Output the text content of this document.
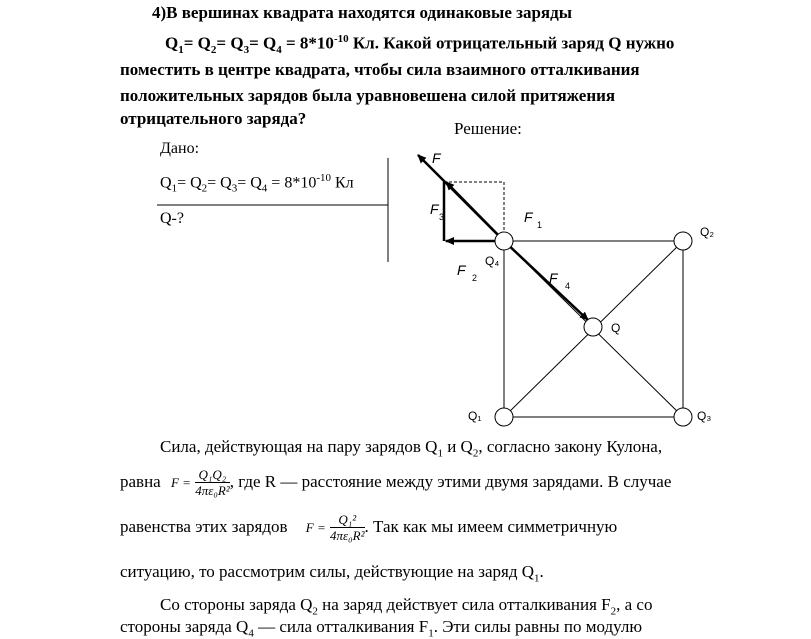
4)В вершинах квадрата находятся одинаковые заряды
$Q_1= Q_2= Q_3= Q_4 = 8*10^{-10}$ Кл. Какой отрицательный заряд Q нужно
поместить в центре квадрата, чтобы сила взаимного отталкивания
положительных зарядов была уравновешена силой притяжения
отрицательного заряда?
Решение:
Дано:
$Q_1= Q_2= Q_3= Q_4 = 8*10^{-10}$ Кл
Q-?
Q₂
Q₄
Q₁	Q₃
Q
F
F 1
F 3
F 2	F 4
Сила, действующая на пару зарядов $Q_1$ и $Q_2$, согласно закону Кулона,
равна $F = \frac{\text{Q₁Q₂}}{\text{4πε₀R²}}$ , где R — расстояние между этими двумя зарядами. В случае
равенства этих зарядов $F = \frac{\text{Q₁²}}{\text{4πε₀R²}}$ . Так как мы имеем симметричную
ситуацию, то рассмотрим силы, действующие на заряд $Q_1$.
Со стороны заряда $Q_2$ на заряд действует сила отталкивания $F_2$, а со
стороны заряда $Q_4$ — сила отталкивания $F_1$. Эти силы равны по модулю
